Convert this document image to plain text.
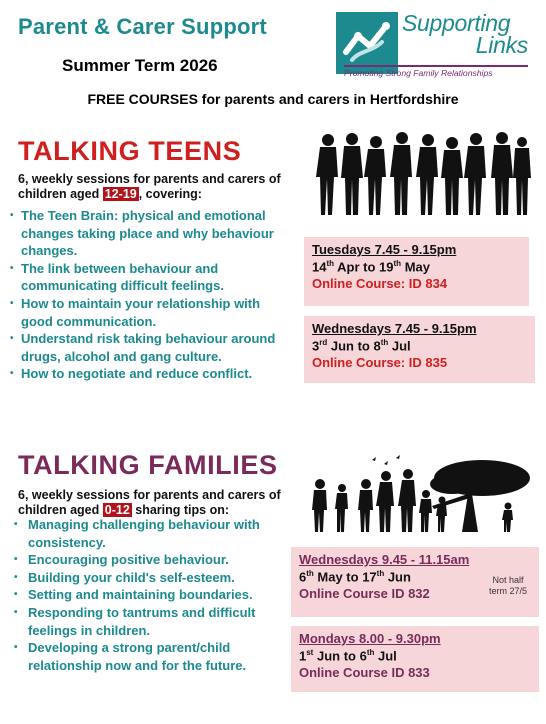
Parent & Carer Support
Summer Term 2026
FREE COURSES for parents and carers in Hertfordshire
Supporting
Links
Promoting Strong Family Relationships
TALKING TEENS
6, weekly sessions for parents and carers of children aged 12-19 , covering:
• The Teen Brain: physical and emotional changes taking place and why behaviour changes.
• The link between behaviour and communicating difficult feelings.
• How to maintain your relationship with good communication.
• Understand risk taking behaviour around drugs, alcohol and gang culture.
• How to negotiate and reduce conflict.
Tuesdays 7.45 - 9.15pm
14th Apr to 19th May
Online Course: ID 834
Wednesdays 7.45 - 9.15pm
3rd Jun to 8th Jul
Online Course: ID 835
TALKING FAMILIES
6, weekly sessions for parents and carers of children aged 0-12 sharing tips on:
• Managing challenging behaviour with consistency.
• Encouraging positive behaviour.
• Building your child's self-esteem.
• Setting and maintaining boundaries.
• Responding to tantrums and difficult feelings in children.
• Developing a strong parent/child relationship now and for the future.
Wednesdays 9.45 - 11.15am
6th May to 17th Jun
Online Course ID 832
Not half term 27/5
Mondays 8.00 - 9.30pm
1st Jun to 6th Jul
Online Course ID 833
